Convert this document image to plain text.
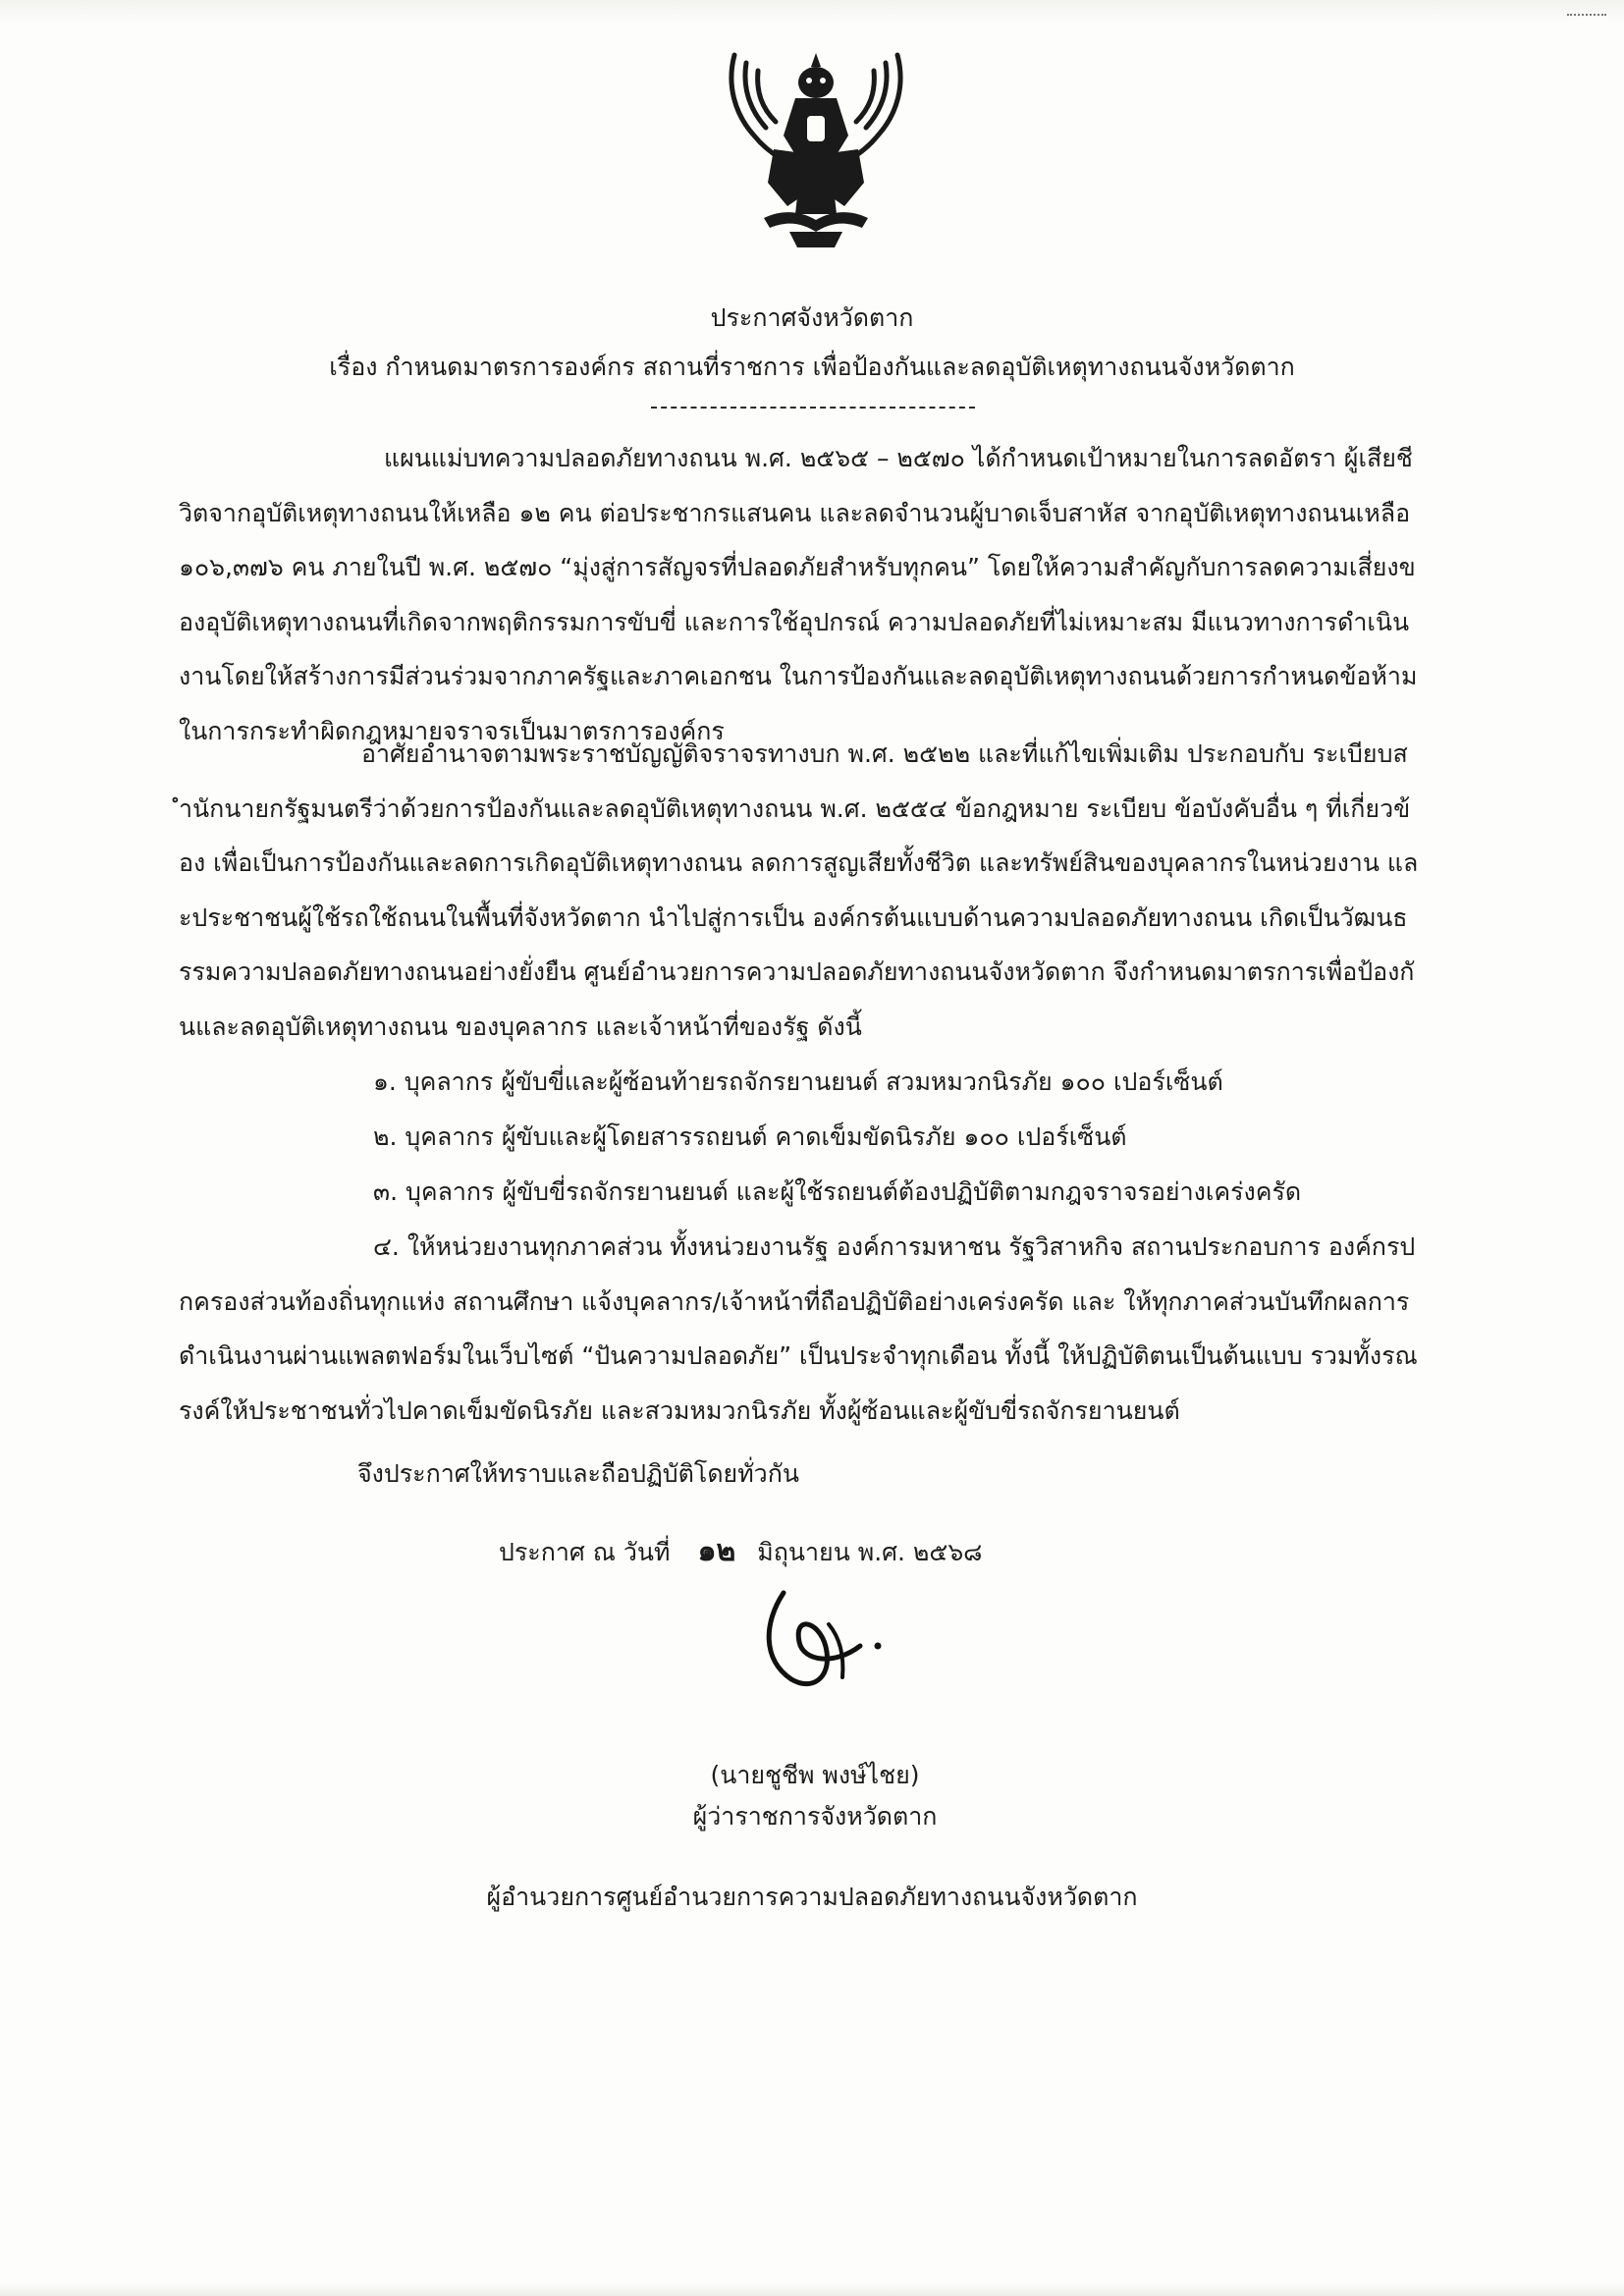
ประกาศจังหวัดตาก

เรื่อง กำหนดมาตรการองค์กร สถานที่ราชการ เพื่อป้องกันและลดอุบัติเหตุทางถนนจังหวัดตาก

แผนแม่บทความปลอดภัยทางถนน พ.ศ. ๒๕๖๕ – ๒๕๗๐ ได้กำหนดเป้าหมายในการลดอัตรา ผู้เสียชีวิตจากอุบัติเหตุทางถนนให้เหลือ ๑๒ คน ต่อประชากรแสนคน และลดจำนวนผู้บาดเจ็บสาหัส จากอุบัติเหตุทางถนนเหลือ ๑๐๖,๓๗๖ คน ภายในปี พ.ศ. ๒๕๗๐ “มุ่งสู่การสัญจรที่ปลอดภัยสำหรับทุกคน” โดยให้ความสำคัญกับการลดความเสี่ยงของอุบัติเหตุทางถนนที่เกิดจากพฤติกรรมการขับขี่ และการใช้อุปกรณ์ ความปลอดภัยที่ไม่เหมาะสม มีแนวทางการดำเนินงานโดยให้สร้างการมีส่วนร่วมจากภาครัฐและภาคเอกชน ในการป้องกันและลดอุบัติเหตุทางถนนด้วยการกำหนดข้อห้ามในการกระทำผิดกฎหมายจราจรเป็นมาตรการองค์กร

อาศัยอำนาจตามพระราชบัญญัติจราจรทางบก พ.ศ. ๒๕๒๒ และที่แก้ไขเพิ่มเติม ประกอบกับ ระเบียบสำนักนายกรัฐมนตรีว่าด้วยการป้องกันและลดอุบัติเหตุทางถนน พ.ศ. ๒๕๕๔ ข้อกฎหมาย ระเบียบ ข้อบังคับอื่น ๆ ที่เกี่ยวข้อง เพื่อเป็นการป้องกันและลดการเกิดอุบัติเหตุทางถนน ลดการสูญเสียทั้งชีวิต และทรัพย์สินของบุคลากรในหน่วยงาน และประชาชนผู้ใช้รถใช้ถนนในพื้นที่จังหวัดตาก นำไปสู่การเป็น องค์กรต้นแบบด้านความปลอดภัยทางถนน เกิดเป็นวัฒนธรรมความปลอดภัยทางถนนอย่างยั่งยืน ศูนย์อำนวยการความปลอดภัยทางถนนจังหวัดตาก จึงกำหนดมาตรการเพื่อป้องกันและลดอุบัติเหตุทางถนน ของบุคลากร และเจ้าหน้าที่ของรัฐ ดังนี้

๑. บุคลากร ผู้ขับขี่และผู้ซ้อนท้ายรถจักรยานยนต์ สวมหมวกนิรภัย ๑๐๐ เปอร์เซ็นต์

๒. บุคลากร ผู้ขับและผู้โดยสารรถยนต์ คาดเข็มขัดนิรภัย ๑๐๐ เปอร์เซ็นต์

๓. บุคลากร ผู้ขับขี่รถจักรยานยนต์ และผู้ใช้รถยนต์ต้องปฏิบัติตามกฎจราจรอย่างเคร่งครัด

๔. ให้หน่วยงานทุกภาคส่วน ทั้งหน่วยงานรัฐ องค์การมหาชน รัฐวิสาหกิจ สถานประกอบการ องค์กรปกครองส่วนท้องถิ่นทุกแห่ง สถานศึกษา แจ้งบุคลากร/เจ้าหน้าที่ถือปฏิบัติอย่างเคร่งครัด และ ให้ทุกภาคส่วนบันทึกผลการดำเนินงานผ่านแพลตฟอร์มในเว็บไซต์ “ปันความปลอดภัย” เป็นประจำทุกเดือน ทั้งนี้ ให้ปฏิบัติตนเป็นต้นแบบ รวมทั้งรณรงค์ให้ประชาชนทั่วไปคาดเข็มขัดนิรภัย และสวมหมวกนิรภัย ทั้งผู้ซ้อนและผู้ขับขี่รถจักรยานยนต์

จึงประกาศให้ทราบและถือปฏิบัติโดยทั่วกัน

ประกาศ ณ วันที่ ๑๒ มิถุนายน พ.ศ. ๒๕๖๘

(นายชูชีพ พงษ์ไชย)

ผู้ว่าราชการจังหวัดตาก

ผู้อำนวยการศูนย์อำนวยการความปลอดภัยทางถนนจังหวัดตาก
